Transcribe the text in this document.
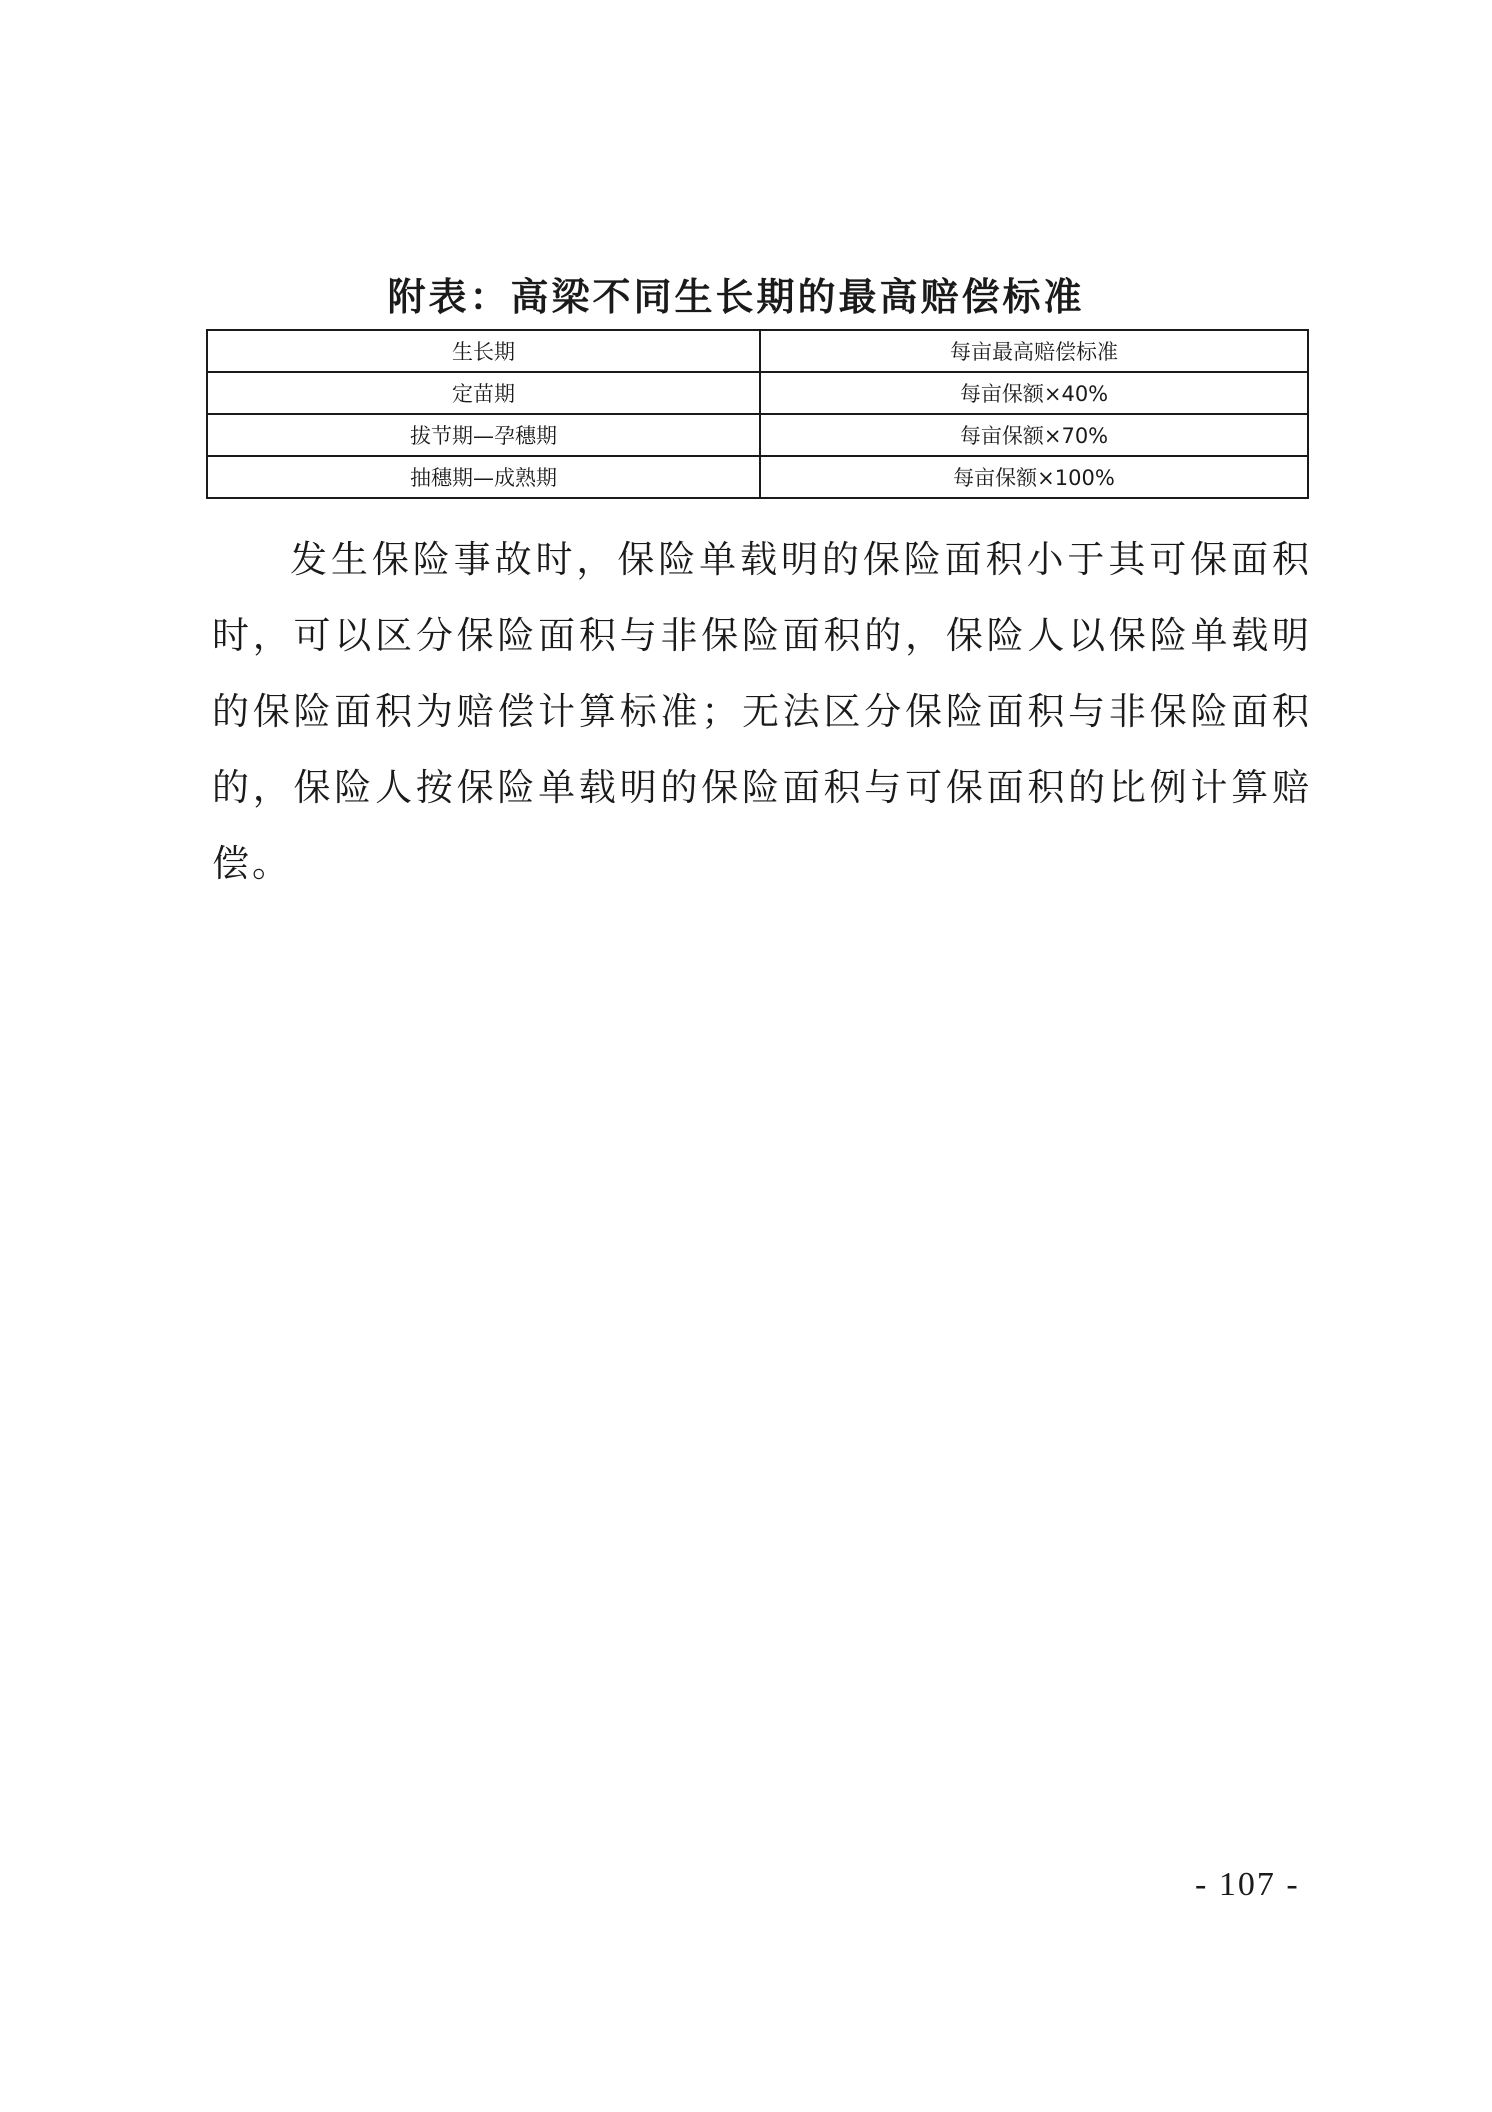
附表：高梁不同生长期的最高赔偿标准
生长期	每亩最高赔偿标准
定苗期	每亩保额×40%
拔节期—孕穗期	每亩保额×70%
抽穗期—成熟期	每亩保额×100%

发生保险事故时，保险单载明的保险面积小于其可保面积时，可以区分保险面积与非保险面积的，保险人以保险单载明的保险面积为赔偿计算标准；无法区分保险面积与非保险面积的，保险人按保险单载明的保险面积与可保面积的比例计算赔偿。

- 107 -
